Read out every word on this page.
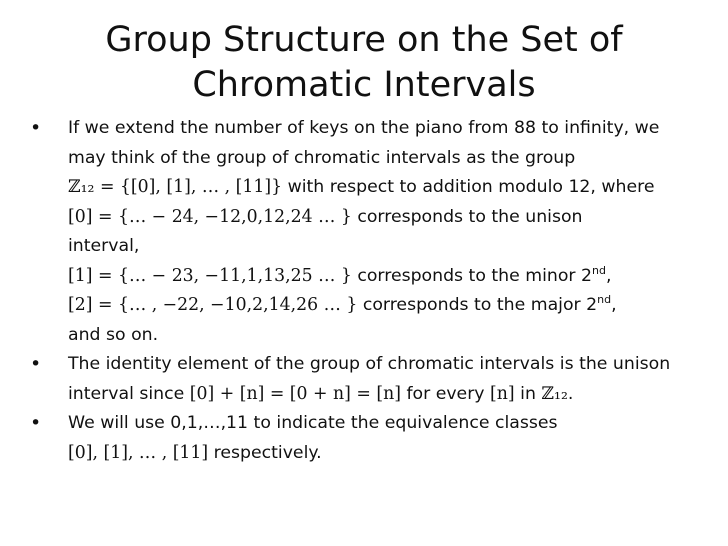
Group Structure on the Set of
Chromatic Intervals
• If we extend the number of keys on the piano from 88 to infinity, we
may think of the group of chromatic intervals as the group
ℤ₁₂ = {[0], [1], … , [11]} with respect to addition modulo 12, where
[0] = {… − 24, −12,0,12,24 … } corresponds to the unison
interval,
[1] = {… − 23, −11,1,13,25 … } corresponds to the minor 2nd,
[2] = {… , −22, −10,2,14,26 … } corresponds to the major 2nd,
and so on.
• The identity element of the group of chromatic intervals is the unison
interval since [0] + [n] = [0 + n] = [n] for every [n] in ℤ₁₂.
• We will use 0,1,…,11 to indicate the equivalence classes
[0], [1], … , [11] respectively.
